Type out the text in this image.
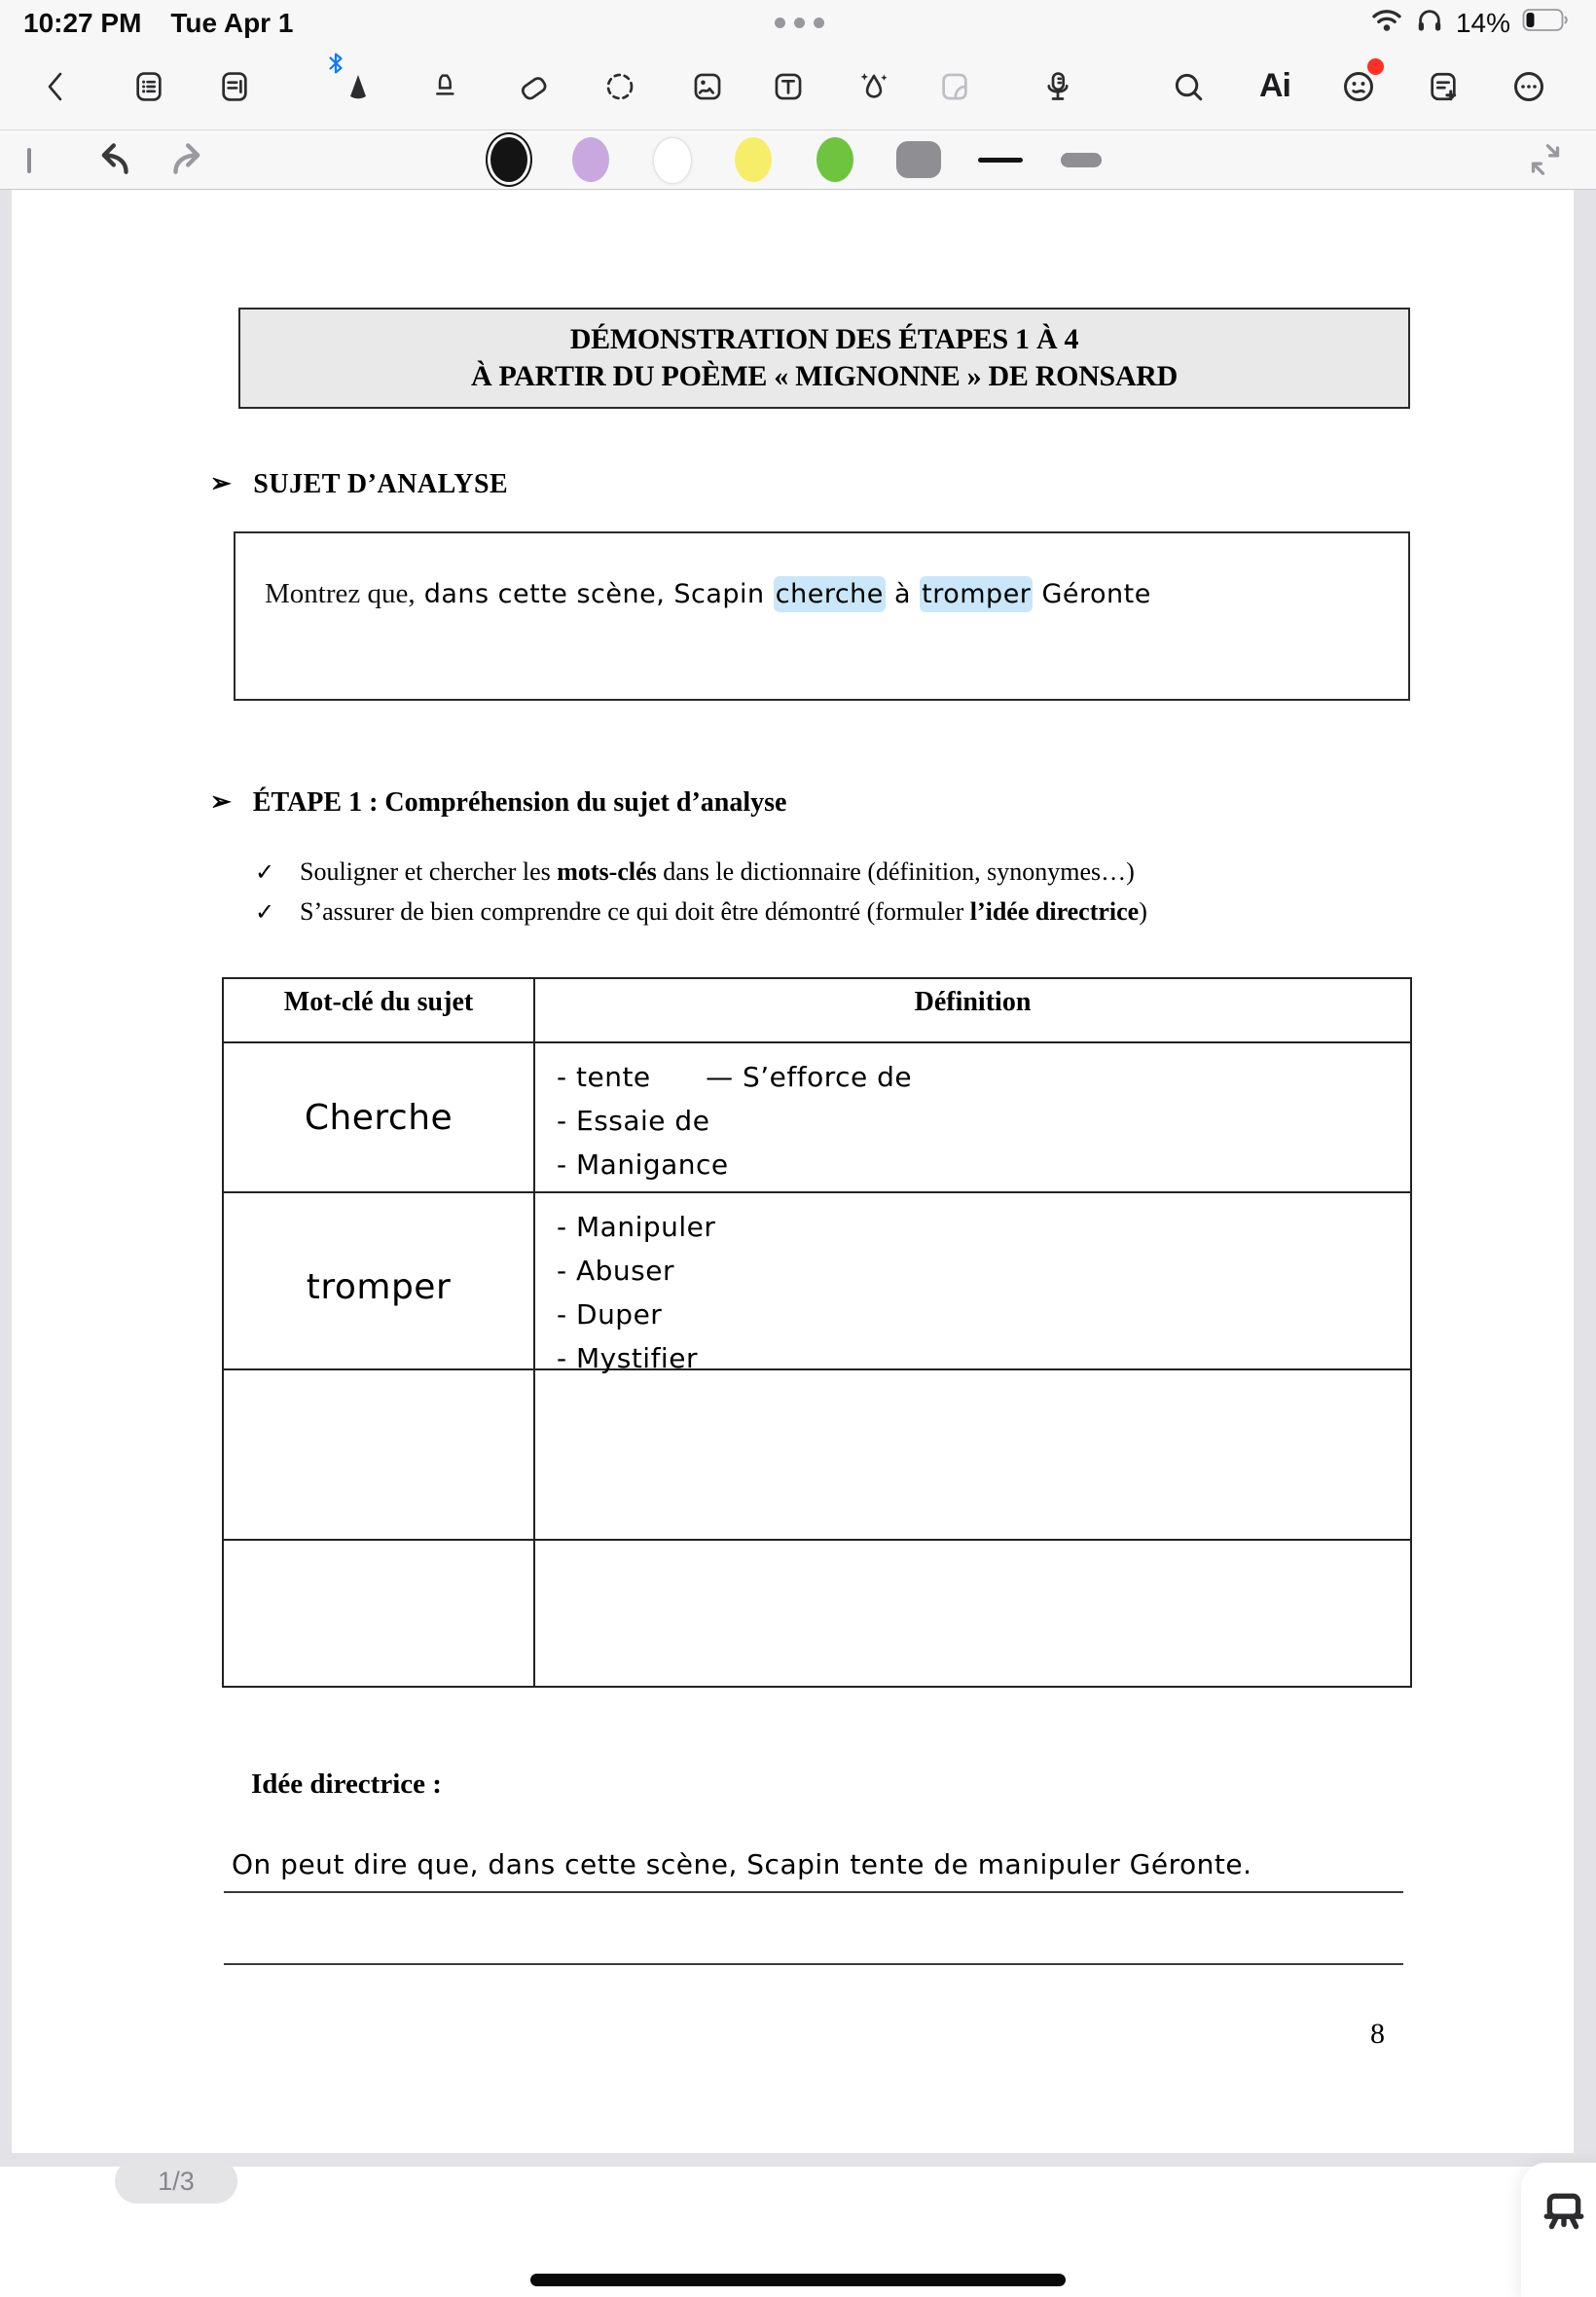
10:27 PM Tue Apr 1	14%
Ai
DÉMONSTRATION DES ÉTAPES 1 À 4
À PARTIR DU POÈME « MIGNONNE » DE RONSARD
➢ SUJET D’ANALYSE
Montrez que, dans cette scène, Scapin cherche à tromper Géronte
➢ ÉTAPE 1 : Compréhension du sujet d’analyse
✓ Souligner et chercher les mots-clés dans le dictionnaire (définition, synonymes…)
✓ S’assurer de bien comprendre ce qui doit être démontré (formuler l’idée directrice)
Mot-clé du sujet	Définition
Cherche
- tente      — S’efforce de
- Essaie de
- Manigance
tromper
- Manipuler
- Abuser
- Duper
- Mystifier
Idée directrice :
On peut dire que, dans cette scène, Scapin tente de manipuler Géronte.
8
1/3
